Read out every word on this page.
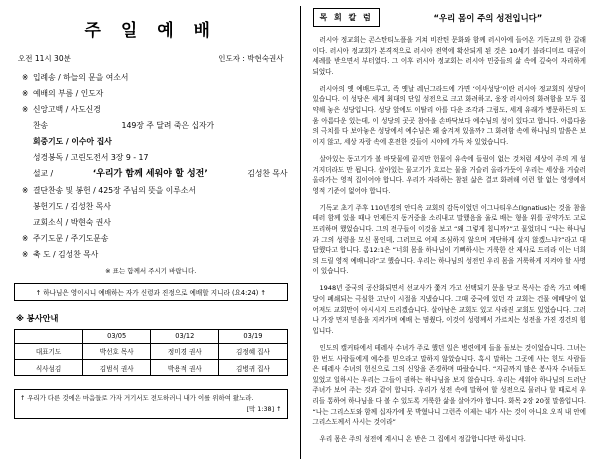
주 일 예 배
오전 11시 30분	인도자 : 박현숙권사
※ 입례송 / 하늘의 문을 여소서
※ 예배의 부름 / 인도자
※ 신앙고백 / 사도신경
찬송	149장 주 달려 죽은 십자가
회중기도 / 이수아 집사
성경봉독 / 고린도전서 3장 9 - 17
설교 /	‘우리가 함께 세워야 할 성전’	김성찬 목사
※ 결단찬송 및 봉헌 / 425장 주님의 뜻을 이루소서
봉헌기도 / 김성찬 목사
교회소식 / 박현숙 권사
※ 주기도문 / 주기도문송
※ 축 도 / 김성찬 목사
※ 표는 함께서 주시기 바랍니다.
↑ 하나님은 영이시니 예배하는 자가 신령과 진정으로 예배할 지니라 (요4:24) ↑
※ 봉사안내
	03/05	03/12	03/19
대표기도	박선호 목사	정미경 권사	김정혜 집사
식사섬김	김범식 권사	박용적 권사	김병귀 집사
↑ 우리가 다른 것에은 마음들로 가자 거기서도 전도하러니 내가 이를 위하여 왔노라.
[막 1:38] ↑
목 회 칼 럼	“우리 몸이 주의 성전입니다”

러시아 정교회는 콘스탄티노플을 거쳐 비잔틴 문화와 함께 러시아에 들어온 기독교의 한 갈래이다. 러시아 정교회가 본격적으로 러시아 전역에 확산되게 된 것은 10세기 블라디미르 대공이 세례를 받으면서 부터였다. 그 이후 러시아 정교회는 러시아 민중들의 삶 속에 깊숙이 자리하게 되었다.

러시아의 옛 예배드루고, 즉 옛날 레닌그라드에 가면 ‘이사성당’이란 러시아 정교회의 성당이 있습니다. 이 성당은 세계 최대의 단일 성전으로 크고 화려하고, 웅장 러시아의 화려함을 모두 집약해 놓은 성당입니다. 성당 앞에도 이탈리 아를 다운 조각과 그림도, 세계 유래가 병문하든의 도움 아름다운 있는데, 이 성당의 곳곳 참아을 손바닥보다 예수님의 성이 있다고 합니다. 아름다움의 극치를 다 보아놓은 성당에서 예수님은 왜 숨겨져 있을까? 그 화려함 속에 하나님의 말씀은 보이지 않고, 세상 자랑 속에 혼전한 것들이 시야에 가득 차 있었습니다.

살아있는 동고기가 볼 바닷물에 끝지만 헌물이 유속에 들림이 없는 것처럼 세상이 주의 게 섬겨지더라도 만 됩니다. 살아있는 물고기가 흐르는 물을 거슬러 올라가듯이 우리는 세상을 거슬러 올라가는 영적 집이어야 합니다. 우리가 자라하는 참된 삶은 결코 화려해 이런 할 없는 영생에서 영적 기준이 없어야 합니다.

기독교 초기 주후 110년경의 안디옥 교회의 감독이었던 이그나티우스(Ignatius)는 것을 참을 테러 함께 있을 때나 언제든지 동거중을 소리내고 말했음을 울로 배는 형을 위를 공약가도 고로프리하며 했었습니다. 그의 전구들이 이것을 보고 “왜 그렇게 칩니까?”고 물었더니 “나는 하나님과 그의 성령을 모신 몸인데, 그러므로 어제 조심하지 않으며 게단하게 살지 않겠느냐?”라고 대답했다고 합니다. 롬12:1은 “너희 몸을 하나님이 기뻐하시는 거룩한 산 제사로 드리라 이는 너희의 드릴 영적 예배니라”고 했습니다. 우리는 하나님의 성전인 우리 몸을 거룩하게 지켜야 할 사명이 있습니다.

1948년 중국의 공산화되면서 선교사가 쫓겨 가고 선택되기 문을 닫고 목사는 감옥 가고 예배당이 폐쇄되는 극심한 고난이 시절을 지냈습니다. 그때 중국에 있던 각 교회는 건물 예배당이 없어져도 교회만이 아시시지 드리겠습니다. 살아남은 교회도 있고 사라진 교회도 있었습니다. 그러나 가장 먼저 믿음을 지켜가며 예배 는 멈췄다, 이것이 성령께서 가르치는 성전을 가진 경건의 힘입니다.

인도의 캘커타에서 테레사 수녀가 주로 했던 일은 병련에게 들을 돌보는 것이었습니다. 그녀는 한 번도 사람들에게 예수를 믿으라고 말하지 않았습니다. 혹시 말하는 그곳에 사는 힌도 사람들은 테레사 수녀의 헌신으로 그의 신앙을 존경하며 따랐습니다. “지금까지 많은 봉사자 수녀들도 있었고 일하시는 우리는 그들이 권하는 하나님을 보지 않습니다. 우리는 세워야 하나님의 드러난 주녀가 보여 주는 것과 같이 합니다. 우리가 성전 속에 말하여 할 성전으로 물러나 할 때로서 우리들 통하여 하나님을 다 볼 수 있도록 거룩한 삶을 살아가야 합니다. 화목 2장 20절 말씀입니다. “나는 그리스도와 함께 십자가에 못 박혔나니 그런즉 이제는 내가 사는 것이 아니요 오직 내 안에 그리스도께서 사시는 것이라”

우리 몸은 주의 성전에 계시니 온 받은 그 집에서 정갈합니다만 하십니다.
